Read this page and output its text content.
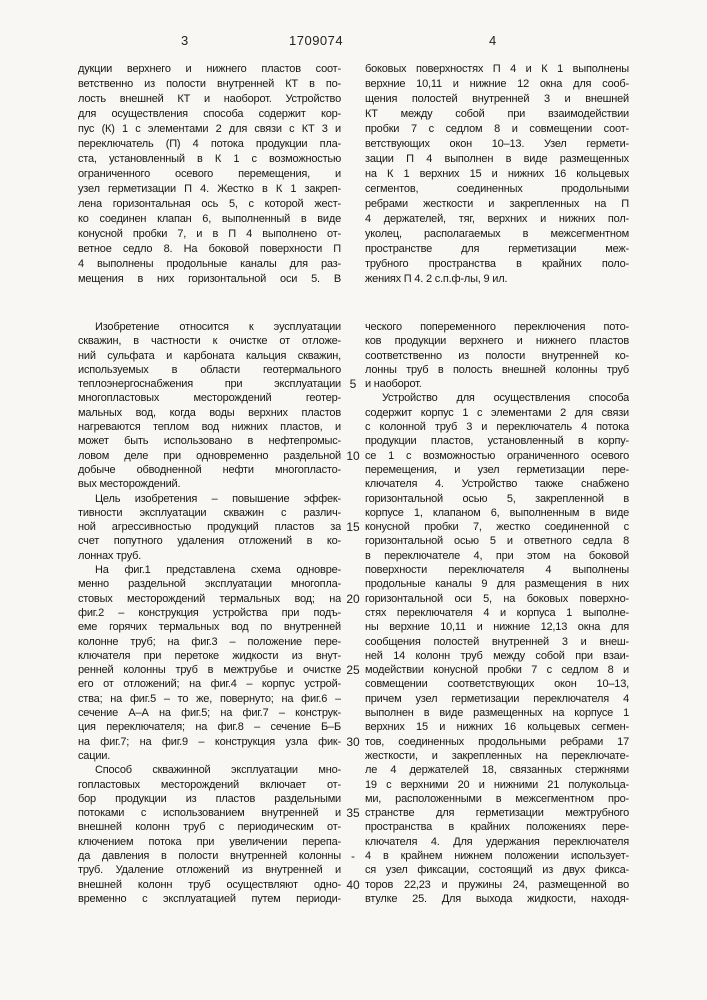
3	1709074	4
дукции верхнего и нижнего пластов соот-
ветственно из полости внутренней КТ в по-
лость внешней КТ и наоборот. Устройство
для осуществления способа содержит кор-
пус (К) 1 с элементами 2 для связи с КТ 3 и
переключатель (П) 4 потока продукции пла-
ста, установленный в К 1 с возможностью
ограниченного осевого перемещения, и
узел герметизации П 4. Жестко в К 1 закреп-
лена горизонтальная ось 5, с которой жест-
ко соединен клапан 6, выполненный в виде
конусной пробки 7, и в П 4 выполнено от-
ветное седло 8. На боковой поверхности П
4 выполнены продольные каналы для раз-
мещения в них горизонтальной оси 5. В
боковых поверхностях П 4 и К 1 выполнены
верхние 10,11 и нижние 12 окна для сооб-
щения полостей внутренней 3 и внешней
КТ между собой при взаимодействии
пробки 7 с седлом 8 и совмещении соот-
ветствующих окон 10–13. Узел гермети-
зации П 4 выполнен в виде размещенных
на К 1 верхних 15 и нижних 16 кольцевых
сегментов, соединенных продольными
ребрами жесткости и закрепленных на П
4 держателей, тяг, верхних и нижних пол-
уколец, располагаемых в межсегментном
пространстве для герметизации меж-
трубного пространства в крайних поло-
жениях П 4. 2 с.п.ф-лы, 9 ил.
Изобретение относится к эусплуатации
скважин, в частности к очистке от отложе-
ний сульфата и карбоната кальция скважин,
используемых в области геотермального
теплоэнергоснабжения при эксплуатации
многопластовых месторождений геотер-
мальных вод, когда воды верхних пластов
нагреваются теплом вод нижних пластов, и
может быть использовано в нефтепромыс-
ловом деле при одновременно раздельной
добыче обводненной нефти многопласто-
вых месторождений.
Цель изобретения – повышение эффек-
тивности эксплуатации скважин с различ-
ной агрессивностью продукций пластов за
счет попутного удаления отложений в ко-
лоннах труб.
На фиг.1 представлена схема одновре-
менно раздельной эксплуатации многопла-
стовых месторождений термальных вод; на
фиг.2 – конструкция устройства при подъ-
еме горячих термальных вод по внутренней
колонне труб; на фиг.3 – положение пере-
ключателя при перетоке жидкости из внут-
ренней колонны труб в межтрубье и очистке
его от отложений; на фиг.4 – корпус устрой-
ства; на фиг.5 – то же, повернуто; на фиг.6 –
сечение А–А на фиг.5; на фиг.7 – конструк-
ция переключателя; на фиг.8 – сечение Б–Б
на фиг.7; на фиг.9 – конструкция узла фик-
сации.
Способ скважинной эксплуатации мно-
гопластовых месторождений включает от-
бор продукции из пластов раздельными
потоками с использованием внутренней и
внешней колонн труб с периодическим от-
ключением потока при увеличении перепа-
да давления в полости внутренней колонны
труб. Удаление отложений из внутренней и
внешней колонн труб осуществляют одно-
временно с эксплуатацией путем периоди-
5
10
15
20
25
30
35
-
40
ческого попеременного переключения пото-
ков продукции верхнего и нижнего пластов
соответственно из полости внутренней ко-
лонны труб в полость внешней колонны труб
и наоборот.
Устройство для осуществления способа
содержит корпус 1 с элементами 2 для связи
с колонной труб 3 и переключатель 4 потока
продукции пластов, установленный в корпу-
се 1 с возможностью ограниченного осевого
перемещения, и узел герметизации пере-
ключателя 4. Устройство также снабжено
горизонтальной осью 5, закрепленной в
корпусе 1, клапаном 6, выполненным в виде
конусной пробки 7, жестко соединенной с
горизонтальной осью 5 и ответного седла 8
в переключателе 4, при этом на боковой
поверхности переключателя 4 выполнены
продольные каналы 9 для размещения в них
горизонтальной оси 5, на боковых поверхно-
стях переключателя 4 и корпуса 1 выполне-
ны верхние 10,11 и нижние 12,13 окна для
сообщения полостей внутренней 3 и внеш-
ней 14 колонн труб между собой при взаи-
модействии конусной пробки 7 с седлом 8 и
совмещении соответствующих окон 10–13,
причем узел герметизации переключателя 4
выполнен в виде размещенных на корпусе 1
верхних 15 и нижних 16 кольцевых сегмен-
тов, соединенных продольными ребрами 17
жесткости, и закрепленных на переключате-
ле 4 держателей 18, связанных стержнями
19 с верхними 20 и нижними 21 полукольца-
ми, расположенными в межсегментном про-
странстве для герметизации межтрубного
пространства в крайних положениях пере-
ключателя 4. Для удержания переключателя
4 в крайнем нижнем положении использует-
ся узел фиксации, состоящий из двух фикса-
торов 22,23 и пружины 24, размещенной во
втулке 25. Для выхода жидкости, находя-
